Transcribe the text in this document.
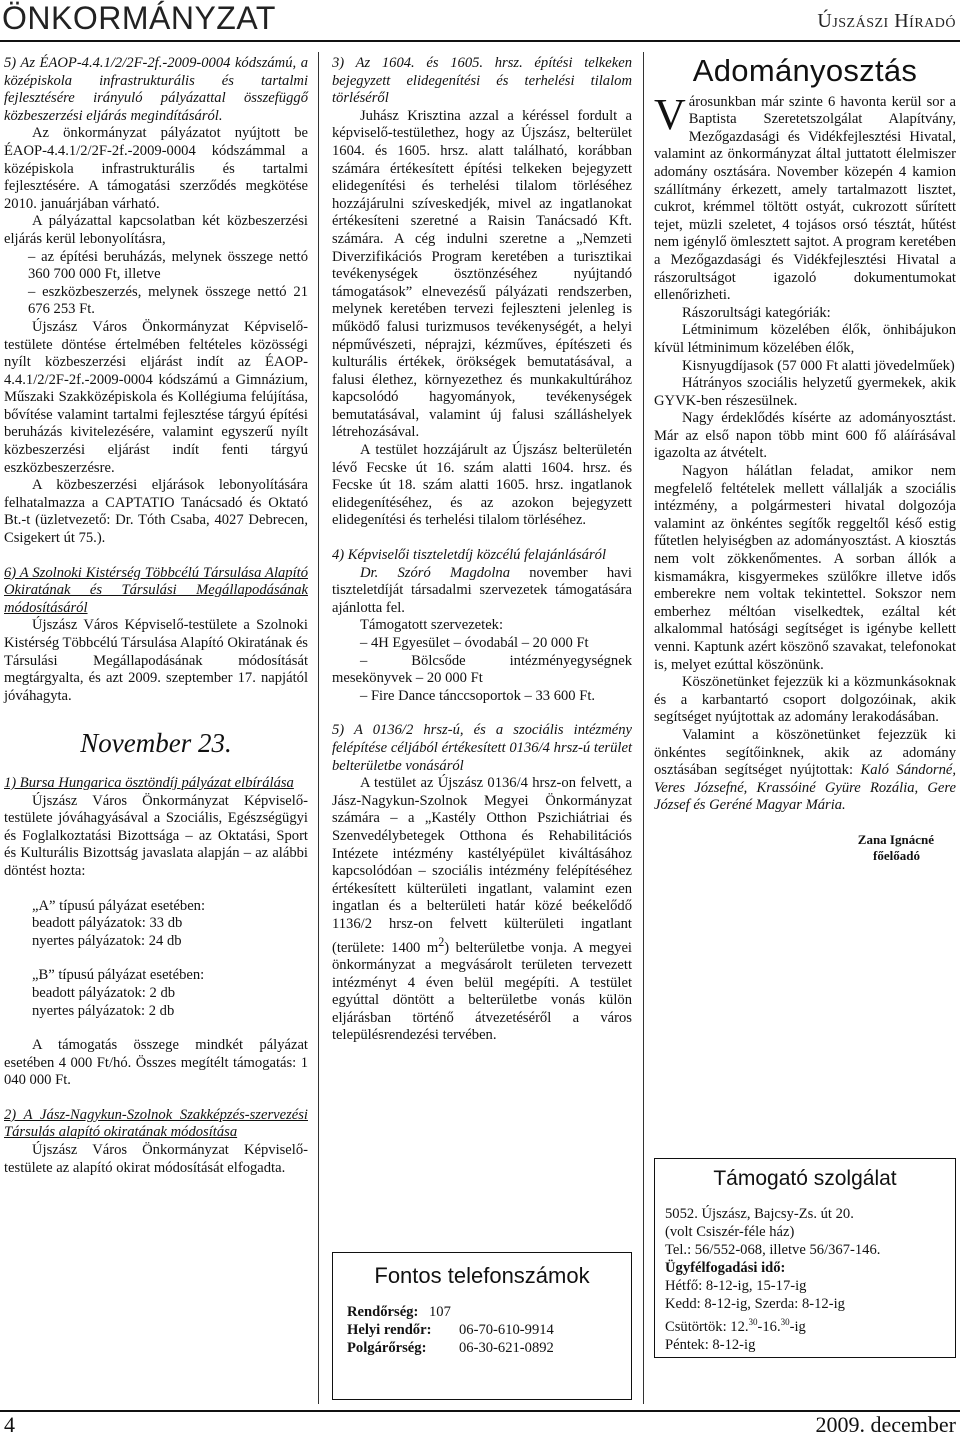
ÖNKORMÁNYZAT	Újszászi Híradó

5) Az ÉAOP-4.4.1/2/2F-2f.-2009-0004 kódszámú, a középiskola infrastrukturális és tartalmi fejlesztésére irányuló pályázattal összefüggő közbeszerzési eljárás megindításáról.

Az önkormányzat pályázatot nyújtott be ÉAOP-4.4.1/2/2F-2f.-2009-0004 kódszámmal a középiskola infrastrukturális és tartalmi fejlesztésére. A támogatási szerződés megkötése 2010. januárjában várható.

A pályázattal kapcsolatban két közbeszerzési eljárás kerül lebonyolításra,

– az építési beruházás, melynek összege nettó 360 700 000 Ft, illetve

– eszközbeszerzés, melynek összege nettó 21 676 253 Ft.

Újszász Város Önkormányzat Képviselő-testülete döntése értelmében feltételes közösségi nyílt közbeszerzési eljárást indít az ÉAOP-4.4.1/2/2F-2f.-2009-0004 kódszámú a Gimnázium, Műszaki Szakközépiskola és Kollégiuma felújítása, bővítése valamint tartalmi fejlesztése tárgyú építési beruházás kivitelezésére, valamint egyszerű nyílt közbeszerzési eljárást indít fenti tárgyú eszközbeszerzésre.

A közbeszerzési eljárások lebonyolítására felhatalmazza a CAPTATIO Tanácsadó és Oktató Bt.-t (üzletvezető: Dr. Tóth Csaba, 4027 Debrecen, Csigekert út 75.).

6) A Szolnoki Kistérség Többcélú Társulása Alapító Okiratának és Társulási Megállapodásának módosításáról

Újszász Város Képviselő-testülete a Szolnoki Kistérség Többcélú Társulása Alapító Okiratának és Társulási Megállapodásának módosítását megtárgyalta, és azt 2009. szeptember 17. napjától jóváhagyta.

November 23.

1) Bursa Hungarica ösztöndíj pályázat elbírálása

Újszász Város Önkormányzat Képviselő-testülete jóváhagyásával a Szociális, Egészségügyi és Foglalkoztatási Bizottsága – az Oktatási, Sport és Kulturális Bizottság javaslata alapján – az alábbi döntést hozta:

„A” típusú pályázat esetében:

beadott pályázatok: 33 db

nyertes pályázatok: 24 db

„B” típusú pályázat esetében:

beadott pályázatok: 2 db

nyertes pályázatok: 2 db

A támogatás összege mindkét pályázat esetében 4 000 Ft/hó. Összes megítélt támogatás: 1 040 000 Ft.

2) A Jász-Nagykun-Szolnok Szakképzés-szervezési Társulás alapító okiratának módosítása

Újszász Város Önkormányzat Képviselő-testülete az alapító okirat módosítását elfogadta.

3) Az 1604. és 1605. hrsz. építési telkeken bejegyzett elidegenítési és terhelési tilalom törléséről

Juhász Krisztina azzal a kéréssel fordult a képviselő-testülethez, hogy az Újszász, belterület 1604. és 1605. hrsz. alatt található, korábban számára értékesített építési telkeken bejegyzett elidegenítési és terhelési tilalom törléséhez hozzájárulni szíveskedjék, mivel az ingatlanokat értékesíteni szeretné a Raisin Tanácsadó Kft. számára. A cég indulni szeretne a „Nemzeti Diverzifikációs Program keretében a turisztikai tevékenységek ösztönzéséhez nyújtandó támogatások” elnevezésű pályázati rendszerben, melynek keretében tervezi fejleszteni jelenleg is működő falusi turizmusos tevékenységét, a helyi népművészeti, néprajzi, kézműves, építészeti és kulturális értékek, örökségek bemutatásával, a falusi élethez, környezethez és munkakultúrához kapcsolódó hagyományok, tevékenységek bemutatásával, valamint új falusi szálláshelyek létrehozásával.

A testület hozzájárult az Újszász belterületén lévő Fecske út 16. szám alatti 1604. hrsz. és Fecske út 18. szám alatti 1605. hrsz. ingatlanok elidegenítéséhez, és az azokon bejegyzett elidegenítési és terhelési tilalom törléséhez.

4) Képviselői tiszteletdíj közcélú felajánlásáról

Dr. Szóró Magdolna november havi tiszteletdíját társadalmi szervezetek támogatására ajánlotta fel.

Támogatott szervezetek:

– 4H Egyesület – óvodabál – 20 000 Ft

– Bölcsőde intézményegységnek mesekönyvek – 20 000 Ft

– Fire Dance tánccsoportok – 33 600 Ft.

5) A 0136/2 hrsz-ú, és a szociális intézmény felépítése céljából értékesített 0136/4 hrsz-ú terület belterületbe vonásáról

A testület az Újszász 0136/4 hrsz-on felvett, a Jász-Nagykun-Szolnok Megyei Önkormányzat számára – a „Kastély Otthon Pszichiátriai és Szenvedélybetegek Otthona és Rehabilitációs Intézete intézmény kastélyépület kiváltásához kapcsolódóan – szociális intézmény felépítéséhez értékesített külterületi ingatlant, valamint ezen ingatlan és a belterületi határ közé beékelődő 1136/2 hrsz-on felvett külterületi ingatlant (területe: 1400 $m^2$) belterületbe vonja. A megyei önkormányzat a megvásárolt területen tervezett intézményt 4 éven belül megépíti. A testület egyúttal döntött a belterületbe vonás külön eljárásban történő átvezetéséről a város településrendezési tervében.

Fontos telefonszámok
Rendőrség: 107
Helyi rendőr:	06-70-610-9914
Polgárőrség:	06-30-621-0892
Adományosztás

Városunkban már szinte 6 havonta kerül sor a Baptista Szeretetszolgálat Alapítvány, Mezőgazdasági és Vidékfejlesztési Hivatal, valamint az önkormányzat által juttatott élelmiszer adomány osztására. November közepén 4 kamion szállítmány érkezett, amely tartalmazott lisztet, cukrot, krémmel töltött ostyát, cukrozott sűrített tejet, müzli szeletet, 4 tojásos orsó tésztát, hűtést nem igénylő ömlesztett sajtot. A program keretében a Mezőgazdasági és Vidékfejlesztési Hivatal a rászorultságot igazoló dokumentumokat ellenőrizheti.

Rászorultsági kategóriák:

Létminimum közelében élők, önhibájukon kívül létminimum közelében élők,

Kisnyugdíjasok (57 000 Ft alatti jövedelműek)

Hátrányos szociális helyzetű gyermekek, akik GYVK-ben részesülnek.

Nagy érdeklődés kísérte az adományosztást. Már az első napon több mint 600 fő aláírásával igazolta az átvételt.

Nagyon hálátlan feladat, amikor nem megfelelő feltételek mellett vállalják a szociális intézmény, a polgármesteri hivatal dolgozója valamint az önkéntes segítők reggeltől késő estig fűtetlen helyiségben az adományosztást. A kiosztás nem volt zökkenőmentes. A sorban állók a kismamákra, kisgyermekes szülőkre illetve idős emberekre nem voltak tekintettel. Sokszor nem emberhez méltóan viselkedtek, ezáltal két alkalommal hatósági segítséget is igénybe kellett venni. Kaptunk azért köszönő szavakat, telefonokat is, melyet ezúttal köszönünk.

Köszönetünket fejezzük ki a közmunkásoknak és a karbantartó csoport dolgozóinak, akik segítséget nyújtottak az adomány lerakodásában.

Valamint a köszönetünket fejezzük ki önkéntes segítőinknek, akik az adomány osztásában segítséget nyújtottak: Kaló Sándorné, Veres Józsefné, Krassóiné Gyüre Rozália, Gere József és Geréné Magyar Mária.

Zana Ignácné
főelőadó
Támogató szolgálat
5052. Újszász, Bajcsy-Zs. út 20.
(volt Csiszér-féle ház)
Tel.: 56/552-068, illetve 56/367-146.
Ügyfélfogadási idő:
Hétfő: 8-12-ig, 15-17-ig
Kedd: 8-12-ig, Szerda: 8-12-ig
Csütörtök: 12.30-16.30-ig
Péntek: 8-12-ig
4	2009. december
